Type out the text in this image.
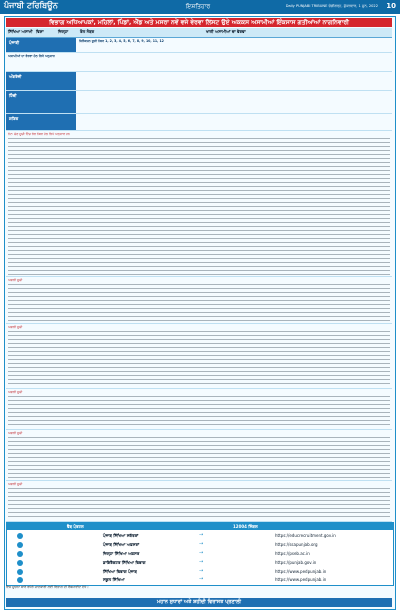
ਪੰਜਾਬੀ ਟਰਿਬਿਊਨ	ਇਸ਼ਤਿਹਾਰ	Daily PUNJABI TRIBUNE ਚੰਡੀਗੜ੍ਹ, ਸ਼ੁੱਕਰਵਾਰ, 1 ਜੂਨ, 2022 10
ਵਿਭਾਗ ਅਧਿਆਪਕਾਂ, ਮਹਿਲਾਂ, ਪਿੰਡਾਂ, ਐੱਡ ਅਤੇ ਮਸਰਾ ਨਵੇਂ ਵਜੇ ਵੇਰਵਾ ਲਿਸਟ ਉਏ ਅਕਕਸ ਅਸਾਮੀਆਂ ਇੰਕਸਾਸ ਗਤੀਆਂਆਂ ਨਾਗਨਿਵਾਰੀ
ਸਿੱਖਿਆ ਅਸਾਮੀ ਵਿਸ਼ਾ	ਜ਼ਿਲ੍ਹਾ	ਰੋਲ ਨੰਬਰ	ਖਾਲੀ ਅਸਾਮੀਆਂ ਦਾ ਵੇਰਵਾ
ਪੰਜਾਬੀ	ਸਿਲੈਕਸ਼ਨ ਸੂਚੀ ਨੰਬਰ 1, 2, 3, 4, 5, 6, 7, 8, 9, 10, 11, 12
ਅਸਾਮੀਆਂ ਦਾ ਵੇਰਵਾ ਹੇਠ ਲਿਖੇ ਅਨੁਸਾਰ
ਅੰਗਰੇਜ਼ੀ
ਹਿੰਦੀ
ਗਣਿਤ
ਨੋਟ: ਚੋਣ ਸੂਚੀ ਵਿੱਚ ਰੋਲ ਨੰਬਰ ਹੇਠ ਲਿਖੇ ਅਨੁਸਾਰ ਹਨ
ਅਗਲੀ ਸੂਚੀ
ਅਗਲੀ ਸੂਚੀ
ਅਗਲੀ ਸੂਚੀ
ਅਗਲੀ ਸੂਚੀ
ਅਗਲੀ ਸੂਚੀ
ਵੈੱਬ ਪੋਰਟਲ	12004 ਸਿੰਗਲ
ਪੰਜਾਬ ਸਿੱਖਿਆ ਸਕੱਤਰਾਂ	→	https://educrecruitment.gov.in
ਪੰਜਾਬ ਸਿੱਖਿਆ ਅਫ਼ਸਰਾਂ	→	https://ssapunjab.org
ਜ਼ਿਲ੍ਹਾ ਸਿੱਖਿਆ ਅਫ਼ਸਰ	→	https://pseb.ac.in
ਡਾਇਰੈਕਟਰ ਸਿੱਖਿਆ ਵਿਭਾਗ	→	https://punjab.gov.in
ਸਿੱਖਿਆ ਵਿਭਾਗ ਪੰਜਾਬ	→	https://www.pedpunjab.in
ਸਕੂਲ ਸਿੱਖਿਆ	→	https://www.pedpunjab.in
ਇਸ ਸੂਚਨਾ ਬਾਰੇ ਵਧੇਰੇ ਜਾਣਕਾਰੀ ਲਈ ਵਿਭਾਗ ਦੀ ਵੈੱਬਸਾਈਟ ਦੇਖੋ।
ਮਹਾਨ ਸੁਧਾਰਾਂ ਅਤੇ ਸ਼ਹੀਦੀ ਵਿਰਾਸਤ ਪ੍ਰਣਾਲੀ
